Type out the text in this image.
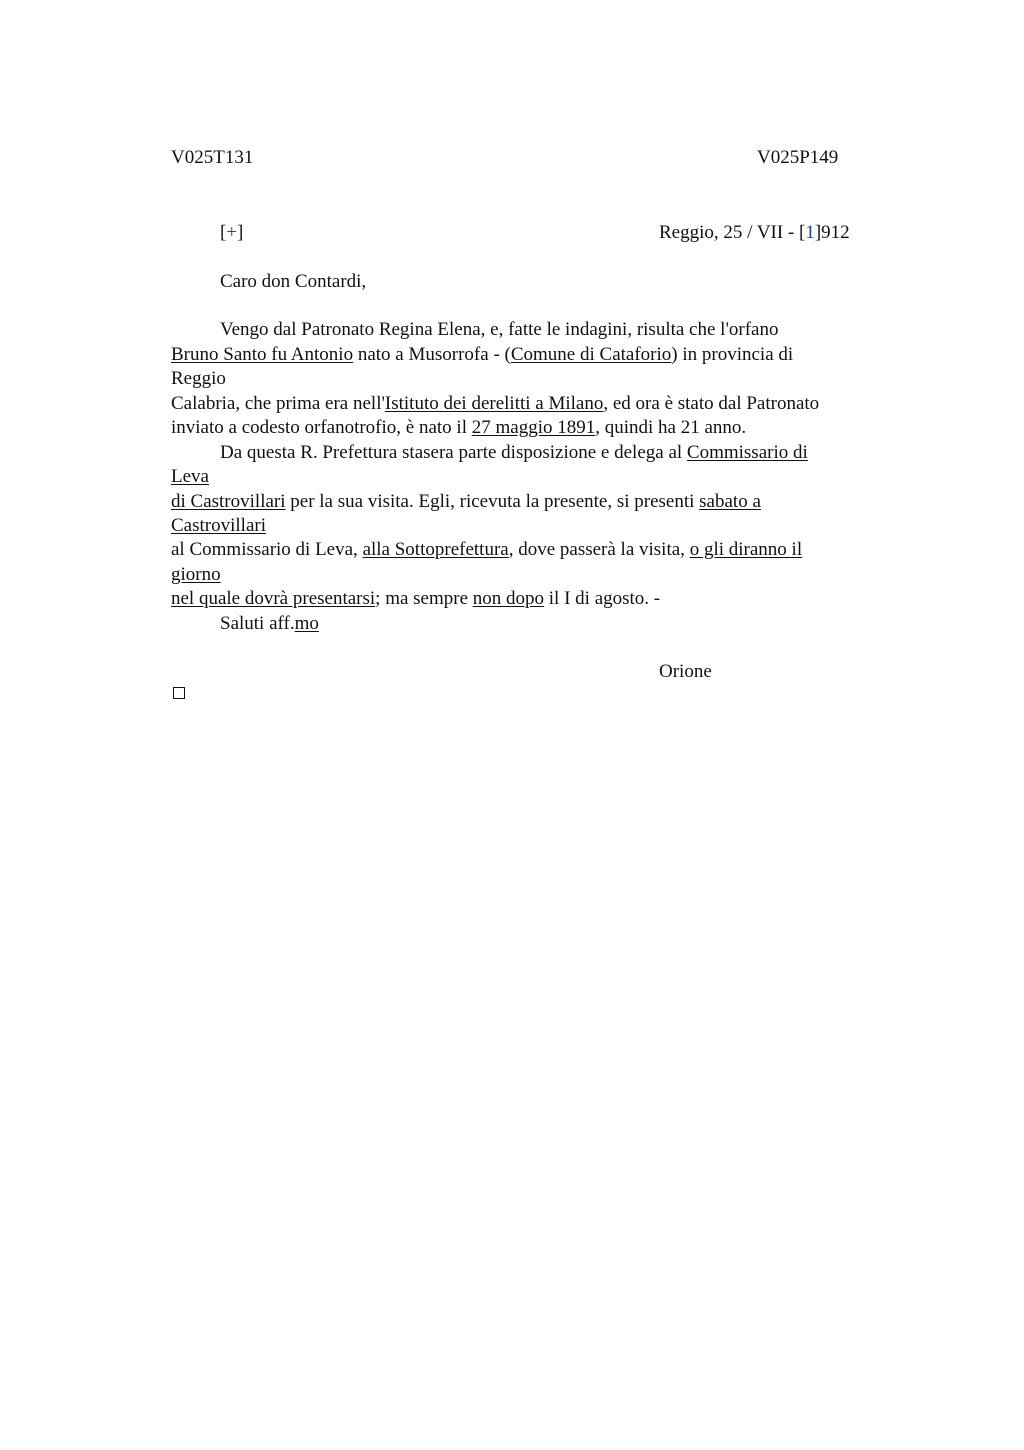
V025T131	V025P149
[+]	Reggio, 25 / VII - [1]912
Caro don Contardi,
Vengo dal Patronato Regina Elena, e, fatte le indagini, risulta che l'orfano
Bruno Santo fu Antonio nato a Musorrofa - (Comune di Cataforio) in provincia di
Reggio
Calabria, che prima era nell'Istituto dei derelitti a Milano, ed ora è stato dal Patronato
inviato a codesto orfanotrofio, è nato il 27 maggio 1891, quindi ha 21 anno.
Da questa R. Prefettura stasera parte disposizione e delega al Commissario di
Leva
di Castrovillari per la sua visita. Egli, ricevuta la presente, si presenti sabato a
Castrovillari
al Commissario di Leva, alla Sottoprefettura, dove passerà la visita, o gli diranno il
giorno
nel quale dovrà presentarsi; ma sempre non dopo il I di agosto. -
Saluti aff.mo
Orione
